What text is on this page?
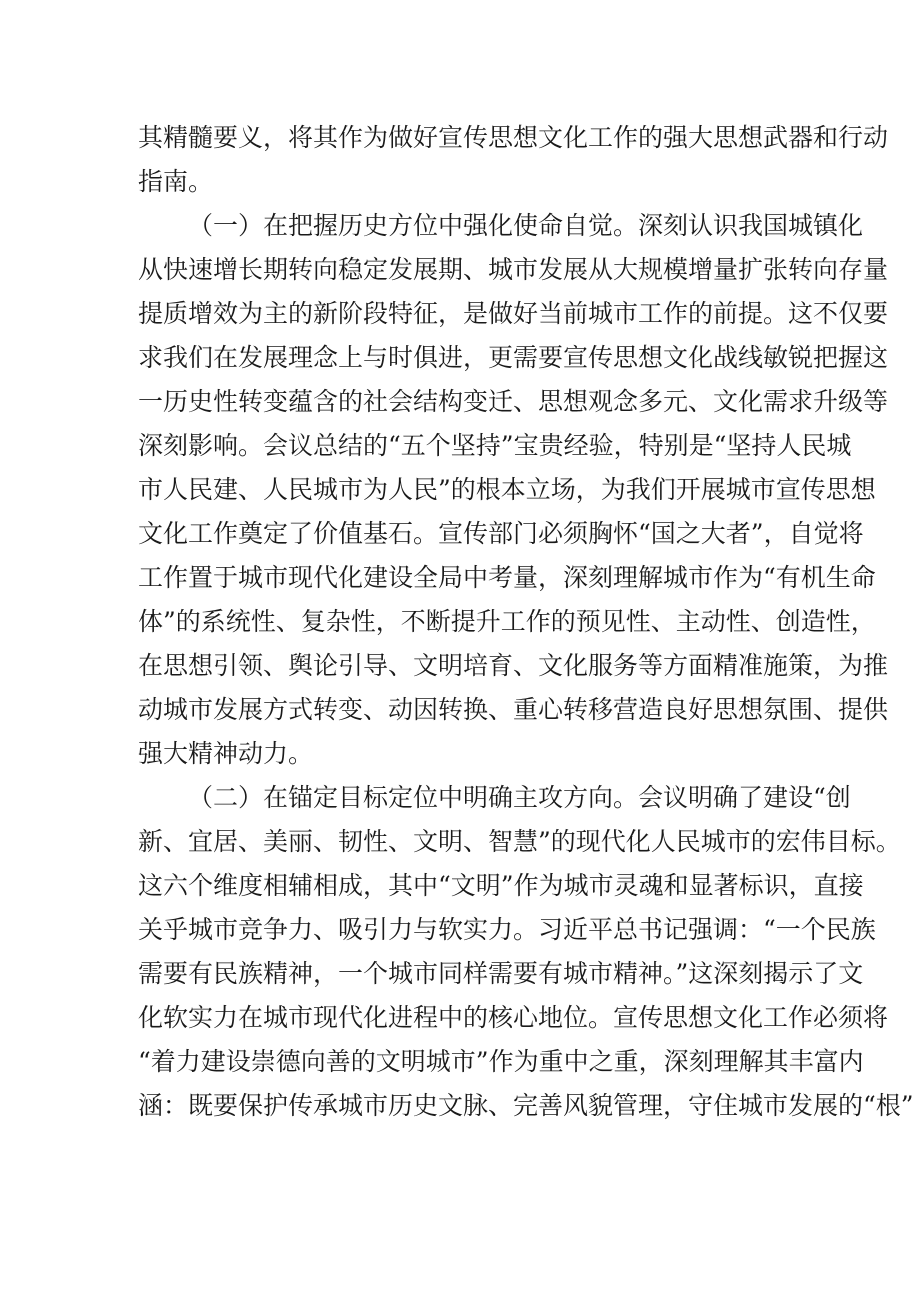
其精髓要义，将其作为做好宣传思想文化工作的强大思想武器和行动
指南。
（一）在把握历史方位中强化使命自觉。深刻认识我国城镇化
从快速增长期转向稳定发展期、城市发展从大规模增量扩张转向存量
提质增效为主的新阶段特征，是做好当前城市工作的前提。这不仅要
求我们在发展理念上与时俱进，更需要宣传思想文化战线敏锐把握这
一历史性转变蕴含的社会结构变迁、思想观念多元、文化需求升级等
深刻影响。会议总结的“五个坚持”宝贵经验，特别是“坚持人民城
市人民建、人民城市为人民”的根本立场，为我们开展城市宣传思想
文化工作奠定了价值基石。宣传部门必须胸怀“国之大者”，自觉将
工作置于城市现代化建设全局中考量，深刻理解城市作为“有机生命
体”的系统性、复杂性，不断提升工作的预见性、主动性、创造性，
在思想引领、舆论引导、文明培育、文化服务等方面精准施策，为推
动城市发展方式转变、动因转换、重心转移营造良好思想氛围、提供
强大精神动力。
（二）在锚定目标定位中明确主攻方向。会议明确了建设“创
新、宜居、美丽、韧性、文明、智慧”的现代化人民城市的宏伟目标。
这六个维度相辅相成，其中“文明”作为城市灵魂和显著标识，直接
关乎城市竞争力、吸引力与软实力。习近平总书记强调：“一个民族
需要有民族精神，一个城市同样需要有城市精神。”这深刻揭示了文
化软实力在城市现代化进程中的核心地位。宣传思想文化工作必须将
“着力建设崇德向善的文明城市”作为重中之重，深刻理解其丰富内
涵：既要保护传承城市历史文脉、完善风貌管理，守住城市发展的“根”
